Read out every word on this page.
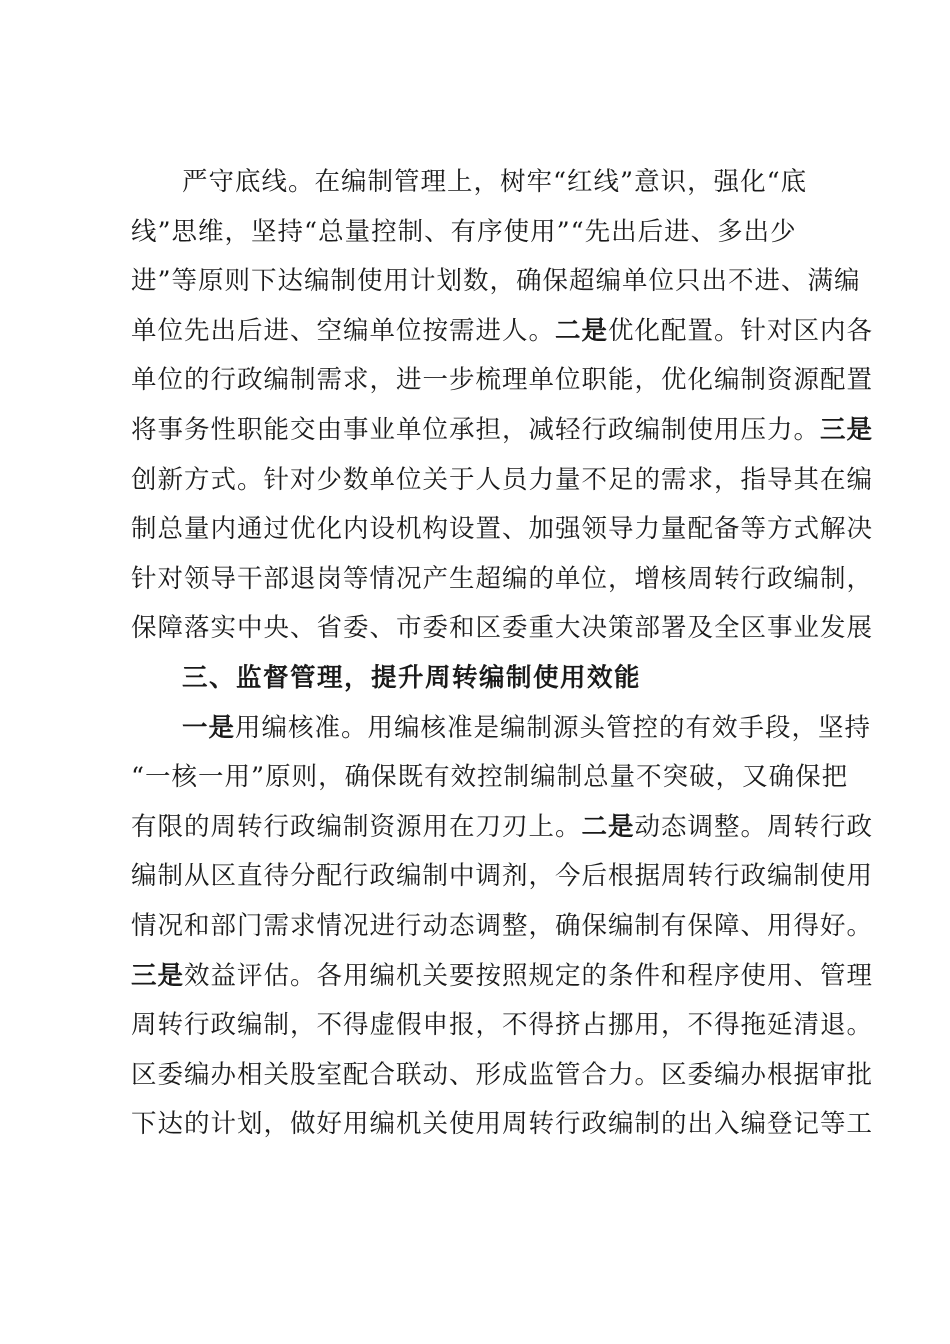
严守底线。在编制管理上，树牢“红线”意识，强化“底
线”思维，坚持“总量控制、有序使用”“先出后进、多出少
进”等原则下达编制使用计划数，确保超编单位只出不进、满编
单位先出后进、空编单位按需进人。二是优化配置。针对区内各
单位的行政编制需求，进一步梳理单位职能，优化编制资源配置
将事务性职能交由事业单位承担，减轻行政编制使用压力。三是
创新方式。针对少数单位关于人员力量不足的需求，指导其在编
制总量内通过优化内设机构设置、加强领导力量配备等方式解决
针对领导干部退岗等情况产生超编的单位，增核周转行政编制，
保障落实中央、省委、市委和区委重大决策部署及全区事业发展
三、监督管理，提升周转编制使用效能
一是用编核准。用编核准是编制源头管控的有效手段，坚持
“一核一用”原则，确保既有效控制编制总量不突破，又确保把
有限的周转行政编制资源用在刀刃上。二是动态调整。周转行政
编制从区直待分配行政编制中调剂，今后根据周转行政编制使用
情况和部门需求情况进行动态调整，确保编制有保障、用得好。
三是效益评估。各用编机关要按照规定的条件和程序使用、管理
周转行政编制，不得虚假申报，不得挤占挪用，不得拖延清退。
区委编办相关股室配合联动、形成监管合力。区委编办根据审批
下达的计划，做好用编机关使用周转行政编制的出入编登记等工
